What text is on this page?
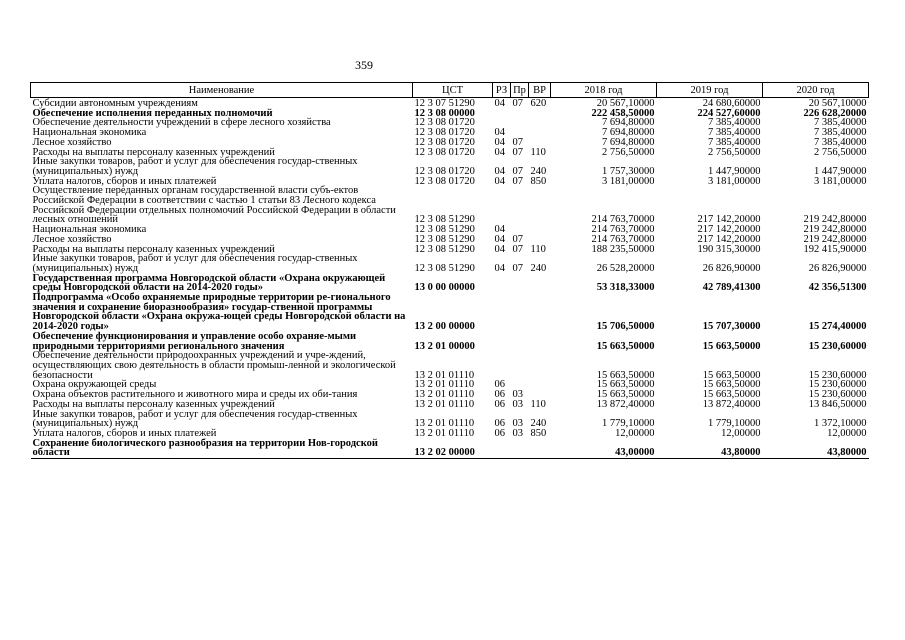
359
Наименование	ЦСТ	РЗ	Пр	ВР	2018 год	2019 год	2020 год
Субсидии автономным учреждениям	12 3 07 51290	04	07	620	20 567,10000	24 680,60000	20 567,10000
Обеспечение исполнения переданных полномочий	12 3 08 00000				222 458,50000	224 527,60000	226 628,20000
Обеспечение деятельности учреждений в сфере лесного хозяйства	12 3 08 01720				7 694,80000	7 385,40000	7 385,40000
Национальная экономика	12 3 08 01720	04			7 694,80000	7 385,40000	7 385,40000
Лесное хозяйство	12 3 08 01720	04	07		7 694,80000	7 385,40000	7 385,40000
Расходы на выплаты персоналу казенных учреждений	12 3 08 01720	04	07	110	2 756,50000	2 756,50000	2 756,50000
Иные закупки товаров, работ и услуг для обеспечения государ-ственных (муниципальных) нужд	12 3 08 01720	04	07	240	1 757,30000	1 447,90000	1 447,90000
Уплата налогов, сборов и иных платежей	12 3 08 01720	04	07	850	3 181,00000	3 181,00000	3 181,00000
Осуществление переданных органам государственной власти субъ-ектов Российской Федерации в соответствии с частью 1 статьи 83 Лесного кодекса Российской Федерации отдельных полномочий Российской Федерации в области лесных отношений	12 3 08 51290				214 763,70000	217 142,20000	219 242,80000
Национальная экономика	12 3 08 51290	04			214 763,70000	217 142,20000	219 242,80000
Лесное хозяйство	12 3 08 51290	04	07		214 763,70000	217 142,20000	219 242,80000
Расходы на выплаты персоналу казенных учреждений	12 3 08 51290	04	07	110	188 235,50000	190 315,30000	192 415,90000
Иные закупки товаров, работ и услуг для обеспечения государ-ственных (муниципальных) нужд	12 3 08 51290	04	07	240	26 528,20000	26 826,90000	26 826,90000
Государственная программа Новгородской области «Охрана окружающей среды Новгородской области на 2014-2020 годы»	13 0 00 00000				53 318,33000	42 789,41300	42 356,51300
Подпрограмма «Особо охраняемые природные территории ре-гионального значения и сохранение биоразнообразия» государ-ственной программы Новгородской области «Охрана окружа-ющей среды Новгородской области на 2014-2020 годы»	13 2 00 00000				15 706,50000	15 707,30000	15 274,40000
Обеспечение функционирования и управление особо охраняе-мыми природными территориями регионального значения	13 2 01 00000				15 663,50000	15 663,50000	15 230,60000
Обеспечение деятельности природоохранных учреждений и учре-ждений, осуществляющих свою деятельность в области промыш-ленной и экологической безопасности	13 2 01 01110				15 663,50000	15 663,50000	15 230,60000
Охрана окружающей среды	13 2 01 01110	06			15 663,50000	15 663,50000	15 230,60000
Охрана объектов растительного и животного мира и среды их оби-тания	13 2 01 01110	06	03		15 663,50000	15 663,50000	15 230,60000
Расходы на выплаты персоналу казенных учреждений	13 2 01 01110	06	03	110	13 872,40000	13 872,40000	13 846,50000
Иные закупки товаров, работ и услуг для обеспечения государ-ственных (муниципальных) нужд	13 2 01 01110	06	03	240	1 779,10000	1 779,10000	1 372,10000
Уплата налогов, сборов и иных платежей	13 2 01 01110	06	03	850	12,00000	12,00000	12,00000
Сохранение биологического разнообразия на территории Нов-городской области	13 2 02 00000				43,00000	43,80000	43,80000
